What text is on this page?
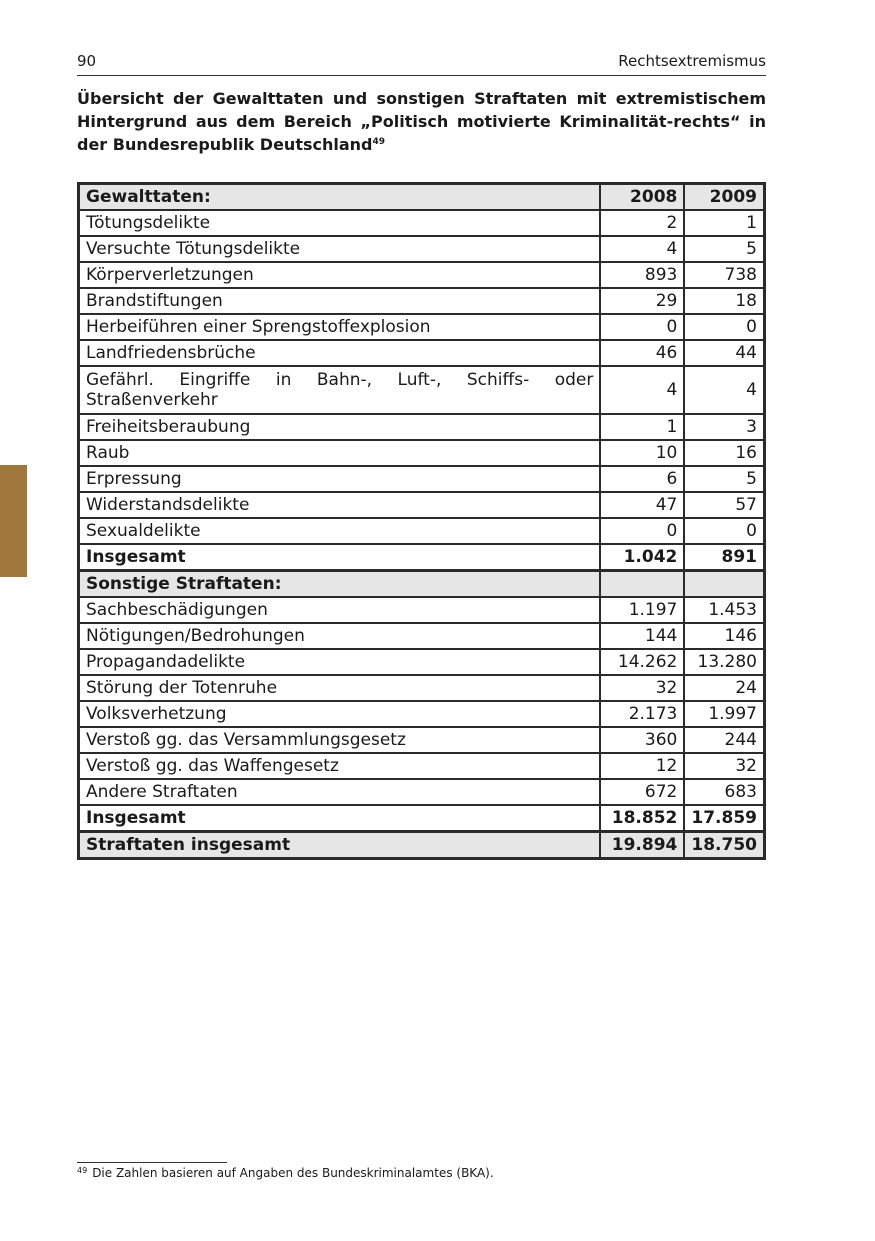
90	Rechtsextremismus

Übersicht der Gewalttaten und sonstigen Straftaten mit extremistischem Hintergrund aus dem Bereich „Politisch motivierte Kriminalität-rechts“ in der Bundesrepublik Deutschland$^{49}$

Gewalttaten:	2008	2009
Tötungsdelikte	2	1
Versuchte Tötungsdelikte	4	5
Körperverletzungen	893	738
Brandstiftungen	29	18
Herbeiführen einer Sprengstoffexplosion	0	0
Landfriedensbrüche	46	44
Gefährl. Eingriffe in Bahn-, Luft-, Schiffs- oder Straßenverkehr	4	4
Freiheitsberaubung	1	3
Raub	10	16
Erpressung	6	5
Widerstandsdelikte	47	57
Sexualdelikte	0	0
Insgesamt	1.042	891
Sonstige Straftaten:		
Sachbeschädigungen	1.197	1.453
Nötigungen/Bedrohungen	144	146
Propagandadelikte	14.262	13.280
Störung der Totenruhe	32	24
Volksverhetzung	2.173	1.997
Verstoß gg. das Versammlungsgesetz	360	244
Verstoß gg. das Waffengesetz	12	32
Andere Straftaten	672	683
Insgesamt	18.852	17.859
Straftaten insgesamt	19.894	18.750
$^{49}$ Die Zahlen basieren auf Angaben des Bundeskriminalamtes (BKA).
